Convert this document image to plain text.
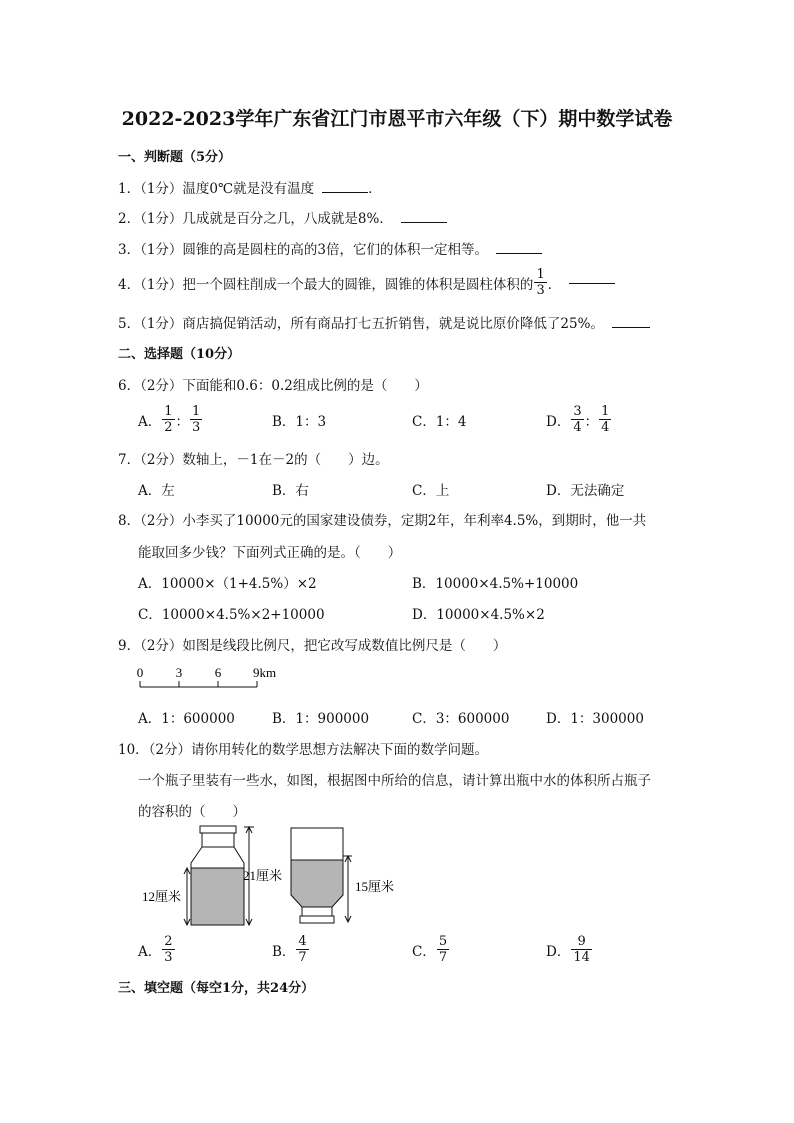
2022-2023学年广东省江门市恩平市六年级（下）期中数学试卷
一、判断题（5分）
1．（1分）温度0℃就是没有温度	．
2．（1分）几成就是百分之几，八成就是8%．
3．（1分）圆锥的高是圆柱的高的3倍，它们的体积一定相等。
4．（1分）把一个圆柱削成一个最大的圆锥，圆锥的体积是圆柱体积的 $\frac{1}{3}$ ．
5．（1分）商店搞促销活动，所有商品打七五折销售，就是说比原价降低了25%。
二、选择题（10分）
6．（2分）下面能和0.6：0.2组成比例的是（　　）
A． $\frac{1}{2}$ ： $\frac{1}{3}$	B．1：3	C．1：4	D． $\frac{3}{4}$ ： $\frac{1}{4}$
7．（2分）数轴上，－1在－2的（　　）边。
A．左	B．右	C．上	D．无法确定
8．（2分）小李买了10000元的国家建设债券，定期2年，年利率4.5%，到期时，他一共
能取回多少钱？下面列式正确的是。（　　）
A．10000×（1+4.5%）×2	B．10000×4.5%+10000
C．10000×4.5%×2+10000	D．10000×4.5%×2
9．（2分）如图是线段比例尺，把它改写成数值比例尺是（　　）
0	3	6 9km
A．1：600000	B．1：900000	C．3：600000	D．1：300000
10．（2分）请你用转化的数学思想方法解决下面的数学问题。
一个瓶子里装有一些水，如图，根据图中所给的信息，请计算出瓶中水的体积所占瓶子
的容积的（　　）
12厘米
21厘米
15厘米
A． $\frac{2}{3}$	B． $\frac{4}{7}$	C． $\frac{5}{7}$	D． $\frac{9}{14}$
三、填空题（每空1分，共24分）
